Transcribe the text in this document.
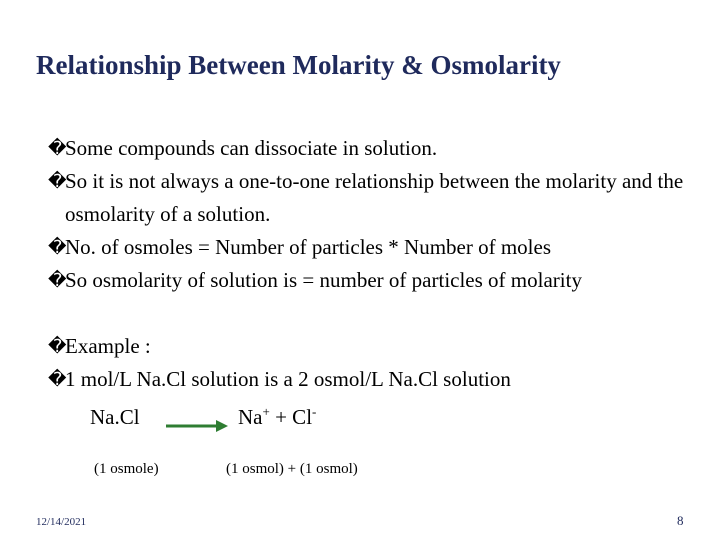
Relationship Between Molarity & Osmolarity
�
Some compounds can dissociate in solution.
�
So it is not always a one-to-one relationship between the molarity and the osmolarity of a solution.
�
No. of osmoles = Number of particles * Number of moles
�
So osmolarity of solution is = number of particles of molarity
�
Example :
�
1 mol/L Na.Cl solution is a 2 osmol/L Na.Cl solution
Na.Cl → Na+ + Cl-
(1 osmole)	(1 osmol) + (1 osmol)
12/14/2021	8
